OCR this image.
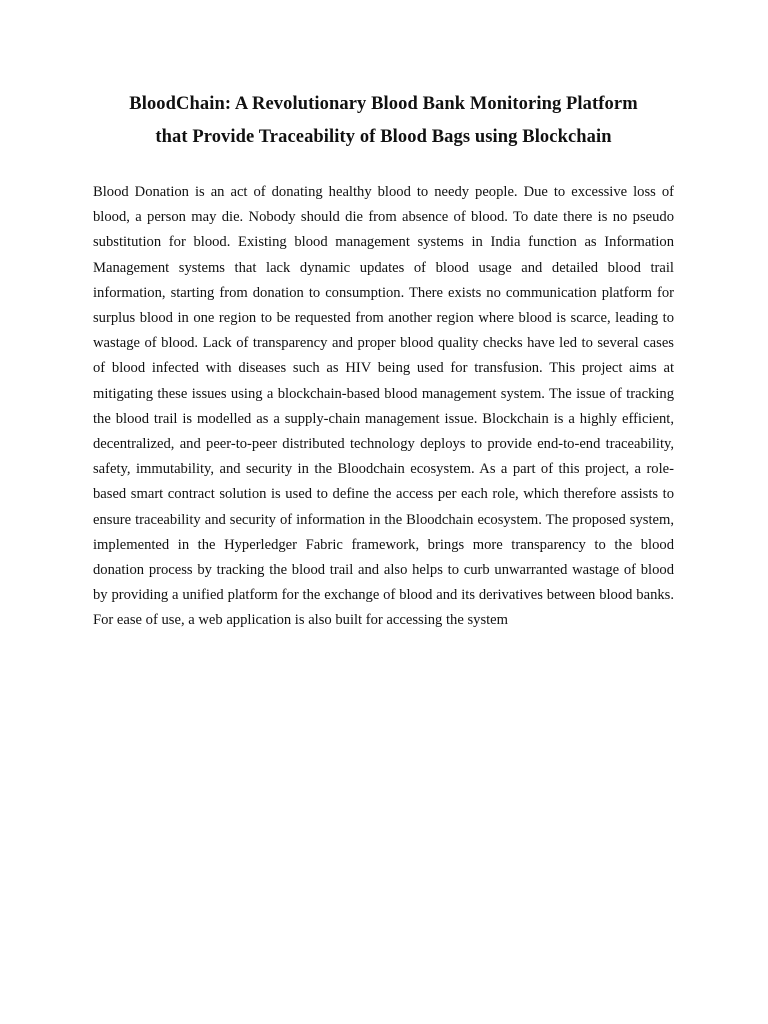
BloodChain: A Revolutionary Blood Bank Monitoring Platform
that Provide Traceability of Blood Bags using Blockchain

Blood Donation is an act of donating healthy blood to needy people. Due to excessive loss of blood, a person may die. Nobody should die from absence of blood. To date there is no pseudo substitution for blood. Existing blood management systems in India function as Information Management systems that lack dynamic updates of blood usage and detailed blood trail information, starting from donation to consumption. There exists no communication platform for surplus blood in one region to be requested from another region where blood is scarce, leading to wastage of blood. Lack of transparency and proper blood quality checks have led to several cases of blood infected with diseases such as HIV being used for transfusion. This project aims at mitigating these issues using a blockchain-based blood management system. The issue of tracking the blood trail is modelled as a supply-chain management issue. Blockchain is a highly efficient, decentralized, and peer-to-peer distributed technology deploys to provide end-to-end traceability, safety, immutability, and security in the Bloodchain ecosystem. As a part of this project, a role-based smart contract solution is used to define the access per each role, which therefore assists to ensure traceability and security of information in the Bloodchain ecosystem. The proposed system, implemented in the Hyperledger Fabric framework, brings more transparency to the blood donation process by tracking the blood trail and also helps to curb unwarranted wastage of blood by providing a unified platform for the exchange of blood and its derivatives between blood banks. For ease of use, a web application is also built for accessing the system
